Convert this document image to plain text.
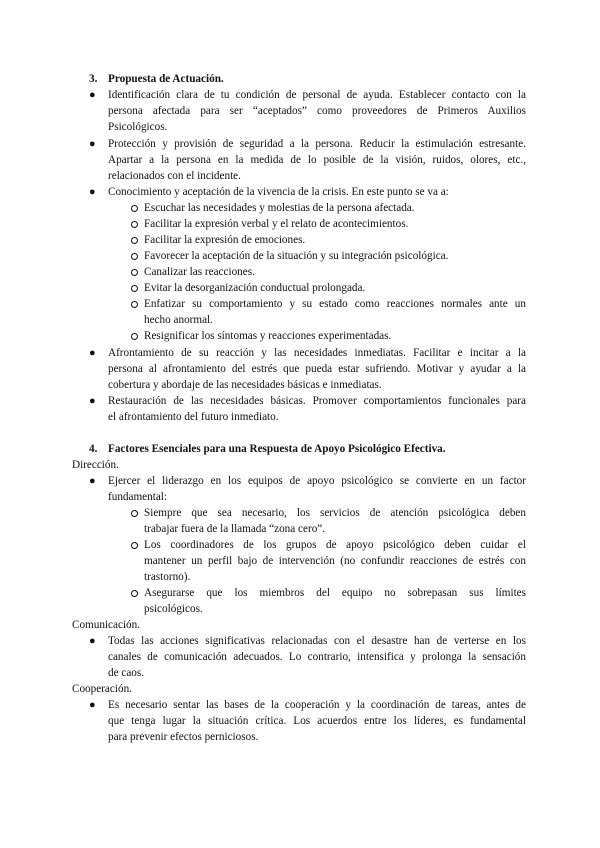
3. Propuesta de Actuación.
● Identificación clara de tu condición de personal de ayuda. Establecer contacto con la
persona afectada para ser “aceptados” como proveedores de Primeros Auxilios
Psicológicos.
● Protección y provisión de seguridad a la persona. Reducir la estimulación estresante.
Apartar a la persona en la medida de lo posible de la visión, ruidos, olores, etc.,
relacionados con el incidente.
● Conocimiento y aceptación de la vivencia de la crisis. En este punto se va a:
Escuchar las necesidades y molestias de la persona afectada.
Facilitar la expresión verbal y el relato de acontecimientos.
Facilitar la expresión de emociones.
Favorecer la aceptación de la situación y su integración psicológica.
Canalizar las reacciones.
Evitar la desorganización conductual prolongada.
Enfatizar su comportamiento y su estado como reacciones normales ante un
hecho anormal.
Resignificar los síntomas y reacciones experimentadas.
● Afrontamiento de su reacción y las necesidades inmediatas. Facilitar e incitar a la
persona al afrontamiento del estrés que pueda estar sufriendo. Motivar y ayudar a la
cobertura y abordaje de las necesidades básicas e inmediatas.
● Restauración de las necesidades básicas. Promover comportamientos funcionales para
el afrontamiento del futuro inmediato.
4. Factores Esenciales para una Respuesta de Apoyo Psicológico Efectiva.
Dirección.
● Ejercer el liderazgo en los equipos de apoyo psicológico se convierte en un factor
fundamental:
Siempre que sea necesario, los servicios de atención psicológica deben
trabajar fuera de la llamada “zona cero”.
Los coordinadores de los grupos de apoyo psicológico deben cuidar el
mantener un perfil bajo de intervención (no confundir reacciones de estrés con
trastorno).
Asegurarse que los miembros del equipo no sobrepasan sus límites
psicológicos.
Comunicación.
● Todas las acciones significativas relacionadas con el desastre han de verterse en los
canales de comunicación adecuados. Lo contrario, intensifica y prolonga la sensación
de caos.
Cooperación.
● Es necesario sentar las bases de la cooperación y la coordinación de tareas, antes de
que tenga lugar la situación crítica. Los acuerdos entre los líderes, es fundamental
para prevenir efectos perniciosos.
